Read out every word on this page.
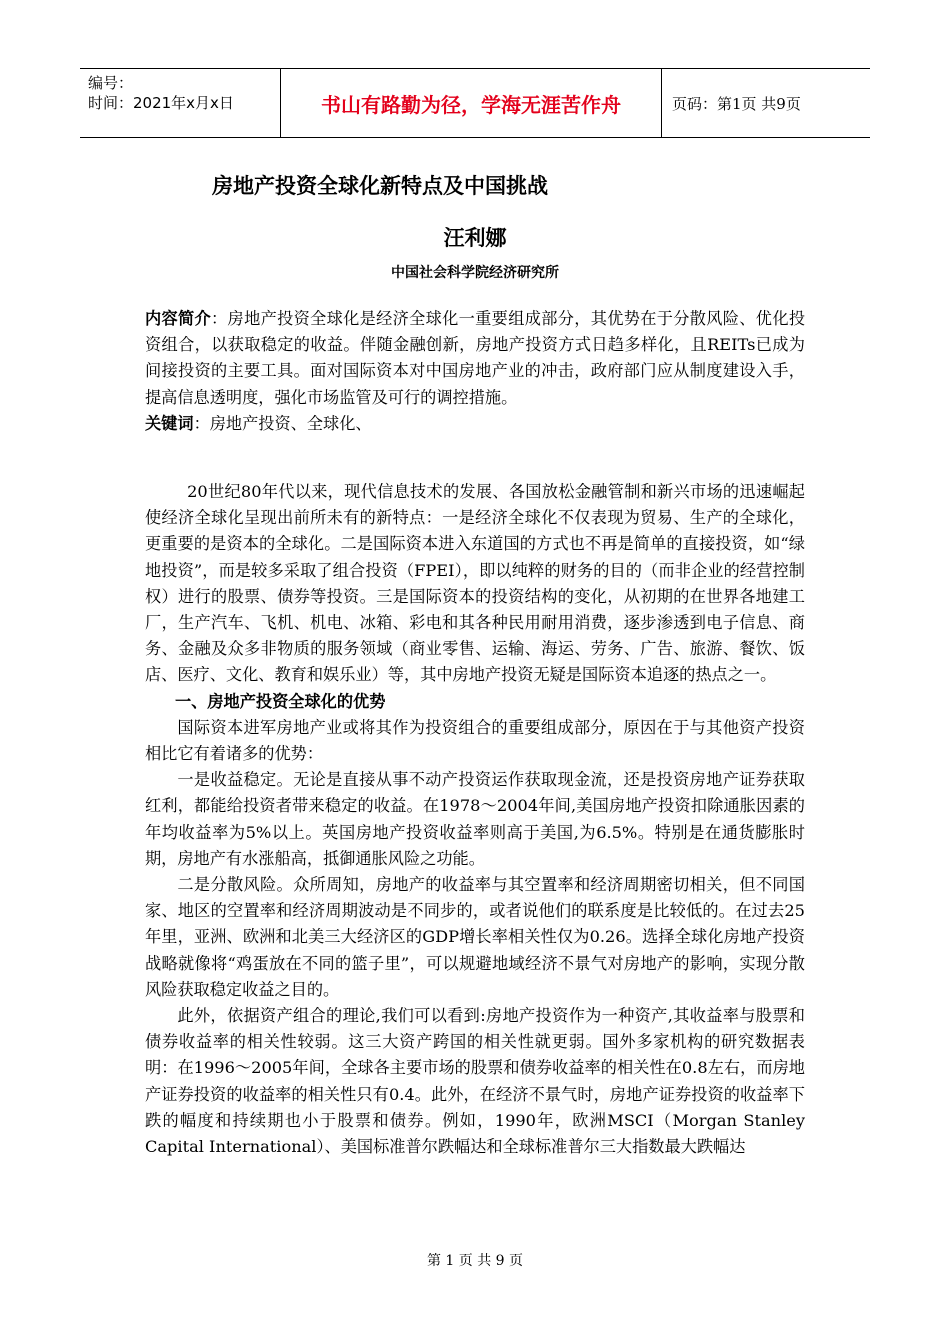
编号：
时间：2021年x月x日	书山有路勤为径，学海无涯苦作舟	页码：第1页 共9页
房地产投资全球化新特点及中国挑战
汪利娜
中国社会科学院经济研究所

内容简介：房地产投资全球化是经济全球化一重要组成部分，其优势在于分散风险、优化投资组合，以获取稳定的收益。伴随金融创新，房地产投资方式日趋多样化，且REITs已成为间接投资的主要工具。面对国际资本对中国房地产业的冲击，政府部门应从制度建设入手，提高信息透明度，强化市场监管及可行的调控措施。

关键词：房地产投资、全球化、

20世纪80年代以来，现代信息技术的发展、各国放松金融管制和新兴市场的迅速崛起使经济全球化呈现出前所未有的新特点：一是经济全球化不仅表现为贸易、生产的全球化，更重要的是资本的全球化。二是国际资本进入东道国的方式也不再是简单的直接投资，如“绿地投资”，而是较多采取了组合投资（FPEI），即以纯粹的财务的目的（而非企业的经营控制权）进行的股票、债券等投资。三是国际资本的投资结构的变化，从初期的在世界各地建工厂，生产汽车、飞机、机电、冰箱、彩电和其各种民用耐用消费，逐步渗透到电子信息、商务、金融及众多非物质的服务领域（商业零售、运输、海运、劳务、广告、旅游、餐饮、饭店、医疗、文化、教育和娱乐业）等，其中房地产投资无疑是国际资本追逐的热点之一。

一、房地产投资全球化的优势

国际资本进军房地产业或将其作为投资组合的重要组成部分，原因在于与其他资产投资相比它有着诸多的优势：

一是收益稳定。无论是直接从事不动产投资运作获取现金流，还是投资房地产证券获取红利，都能给投资者带来稳定的收益。在1978～2004年间,美国房地产投资扣除通胀因素的年均收益率为5%以上。英国房地产投资收益率则高于美国,为6.5%。特别是在通货膨胀时期，房地产有水涨船高，抵御通胀风险之功能。

二是分散风险。众所周知，房地产的收益率与其空置率和经济周期密切相关，但不同国家、地区的空置率和经济周期波动是不同步的，或者说他们的联系度是比较低的。在过去25年里，亚洲、欧洲和北美三大经济区的GDP增长率相关性仅为0.26。选择全球化房地产投资战略就像将“鸡蛋放在不同的篮子里”，可以规避地域经济不景气对房地产的影响，实现分散风险获取稳定收益之目的。

此外，依据资产组合的理论,我们可以看到:房地产投资作为一种资产,其收益率与股票和债券收益率的相关性较弱。这三大资产跨国的相关性就更弱。国外多家机构的研究数据表明：在1996～2005年间，全球各主要市场的股票和债券收益率的相关性在0.8左右，而房地产证券投资的收益率的相关性只有0.4。此外，在经济不景气时，房地产证券投资的收益率下跌的幅度和持续期也小于股票和债券。例如，1990年，欧洲MSCI（Morgan Stanley Capital International）、美国标准普尔跌幅达和全球标准普尔三大指数最大跌幅达

第 1 页 共 9 页
